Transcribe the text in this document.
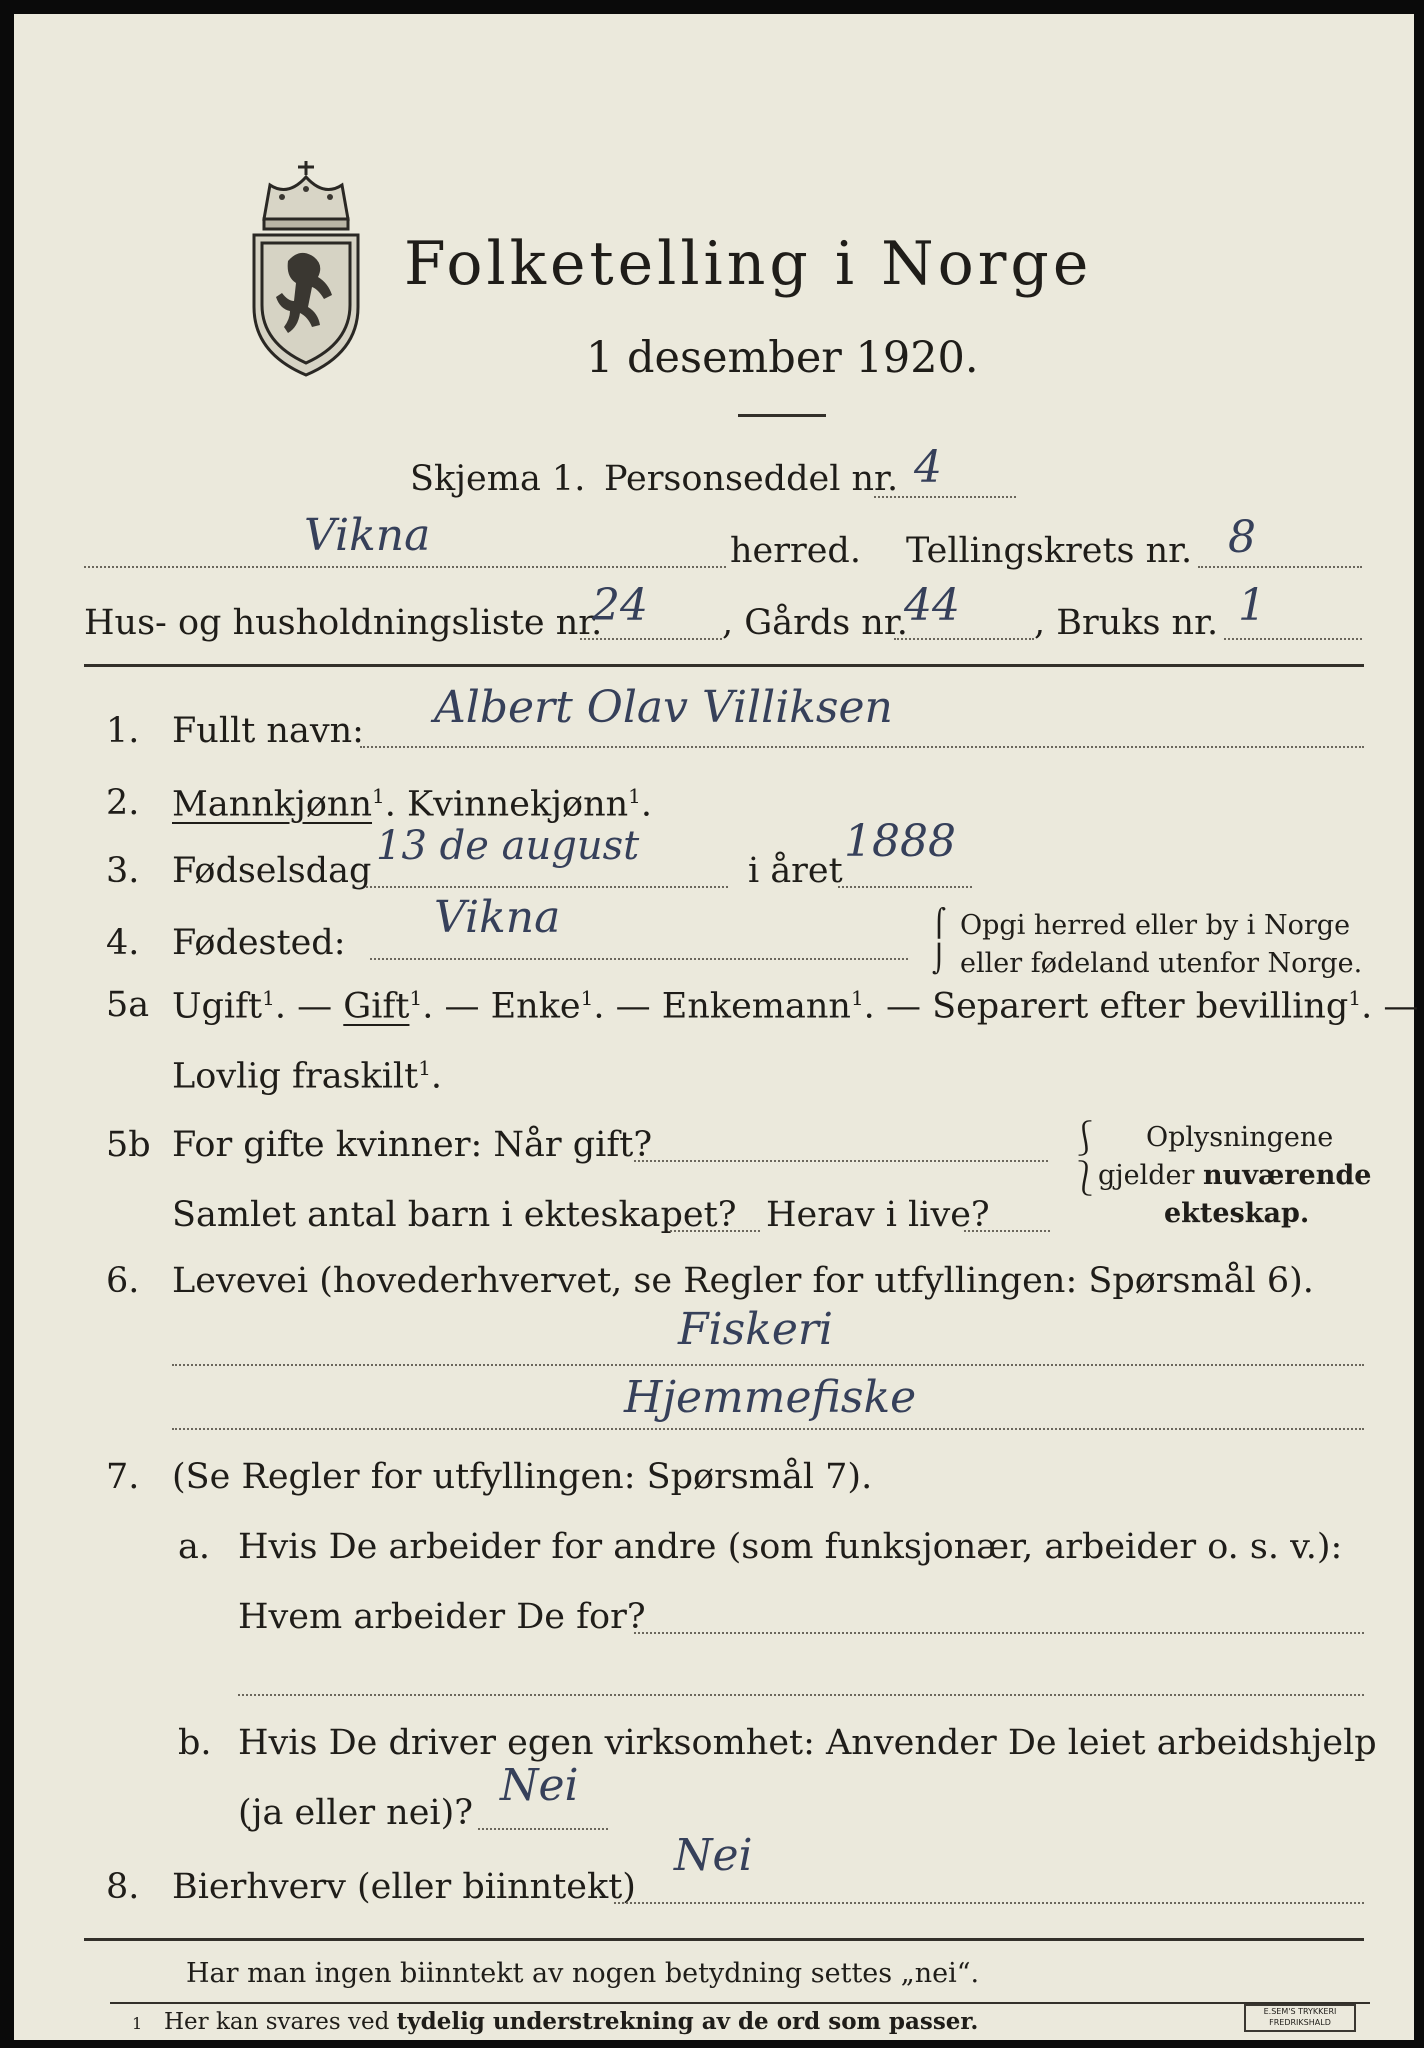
Folketelling i Norge
1 desember 1920.
Skjema 1. Personseddel nr. 4
Vikna	herred. Tellingskrets nr. 8
Hus- og husholdningsliste nr.
24 , Gårds nr.
44 , Bruks nr. 1
1. Fullt navn: Albert Olav Villiksen
2. Mannkjønn$^1$. Kvinnekjønn$^1$.
3. Fødselsdag
13 de august
i året
1888
4. Fødested: Vikna	⌠
⌡
Opgi herred eller by i Norge
eller fødeland utenfor Norge.
5a Ugift$^1$. — Gift$^1$. — Enke$^1$. — Enkemann$^1$. — Separert efter bevilling$^1$. —
Lovlig fraskilt$^1$.
5b For gifte kvinner: Når gift?
Samlet antal barn i ekteskapet? Herav i live?
⎰
⎱
Oplysningene
gjelder nuværende
ekteskap.
6. Levevei (hovederhvervet, se Regler for utfyllingen: Spørsmål 6).
Fiskeri
Hjemmefiske
7. (Se Regler for utfyllingen: Spørsmål 7).
a. Hvis De arbeider for andre (som funksjonær, arbeider o. s. v.):
Hvem arbeider De for?
b. Hvis De driver egen virksomhet: Anvender De leiet arbeidshjelp
(ja eller nei)?
Nei
8. Bierhverv (eller biinntekt)
Nei
Har man ingen biinntekt av nogen betydning settes „nei“.
1 Her kan svares ved tydelig understrekning av de ord som passer.	E.SEM'S TRYKKERI
FREDRIKSHALD
